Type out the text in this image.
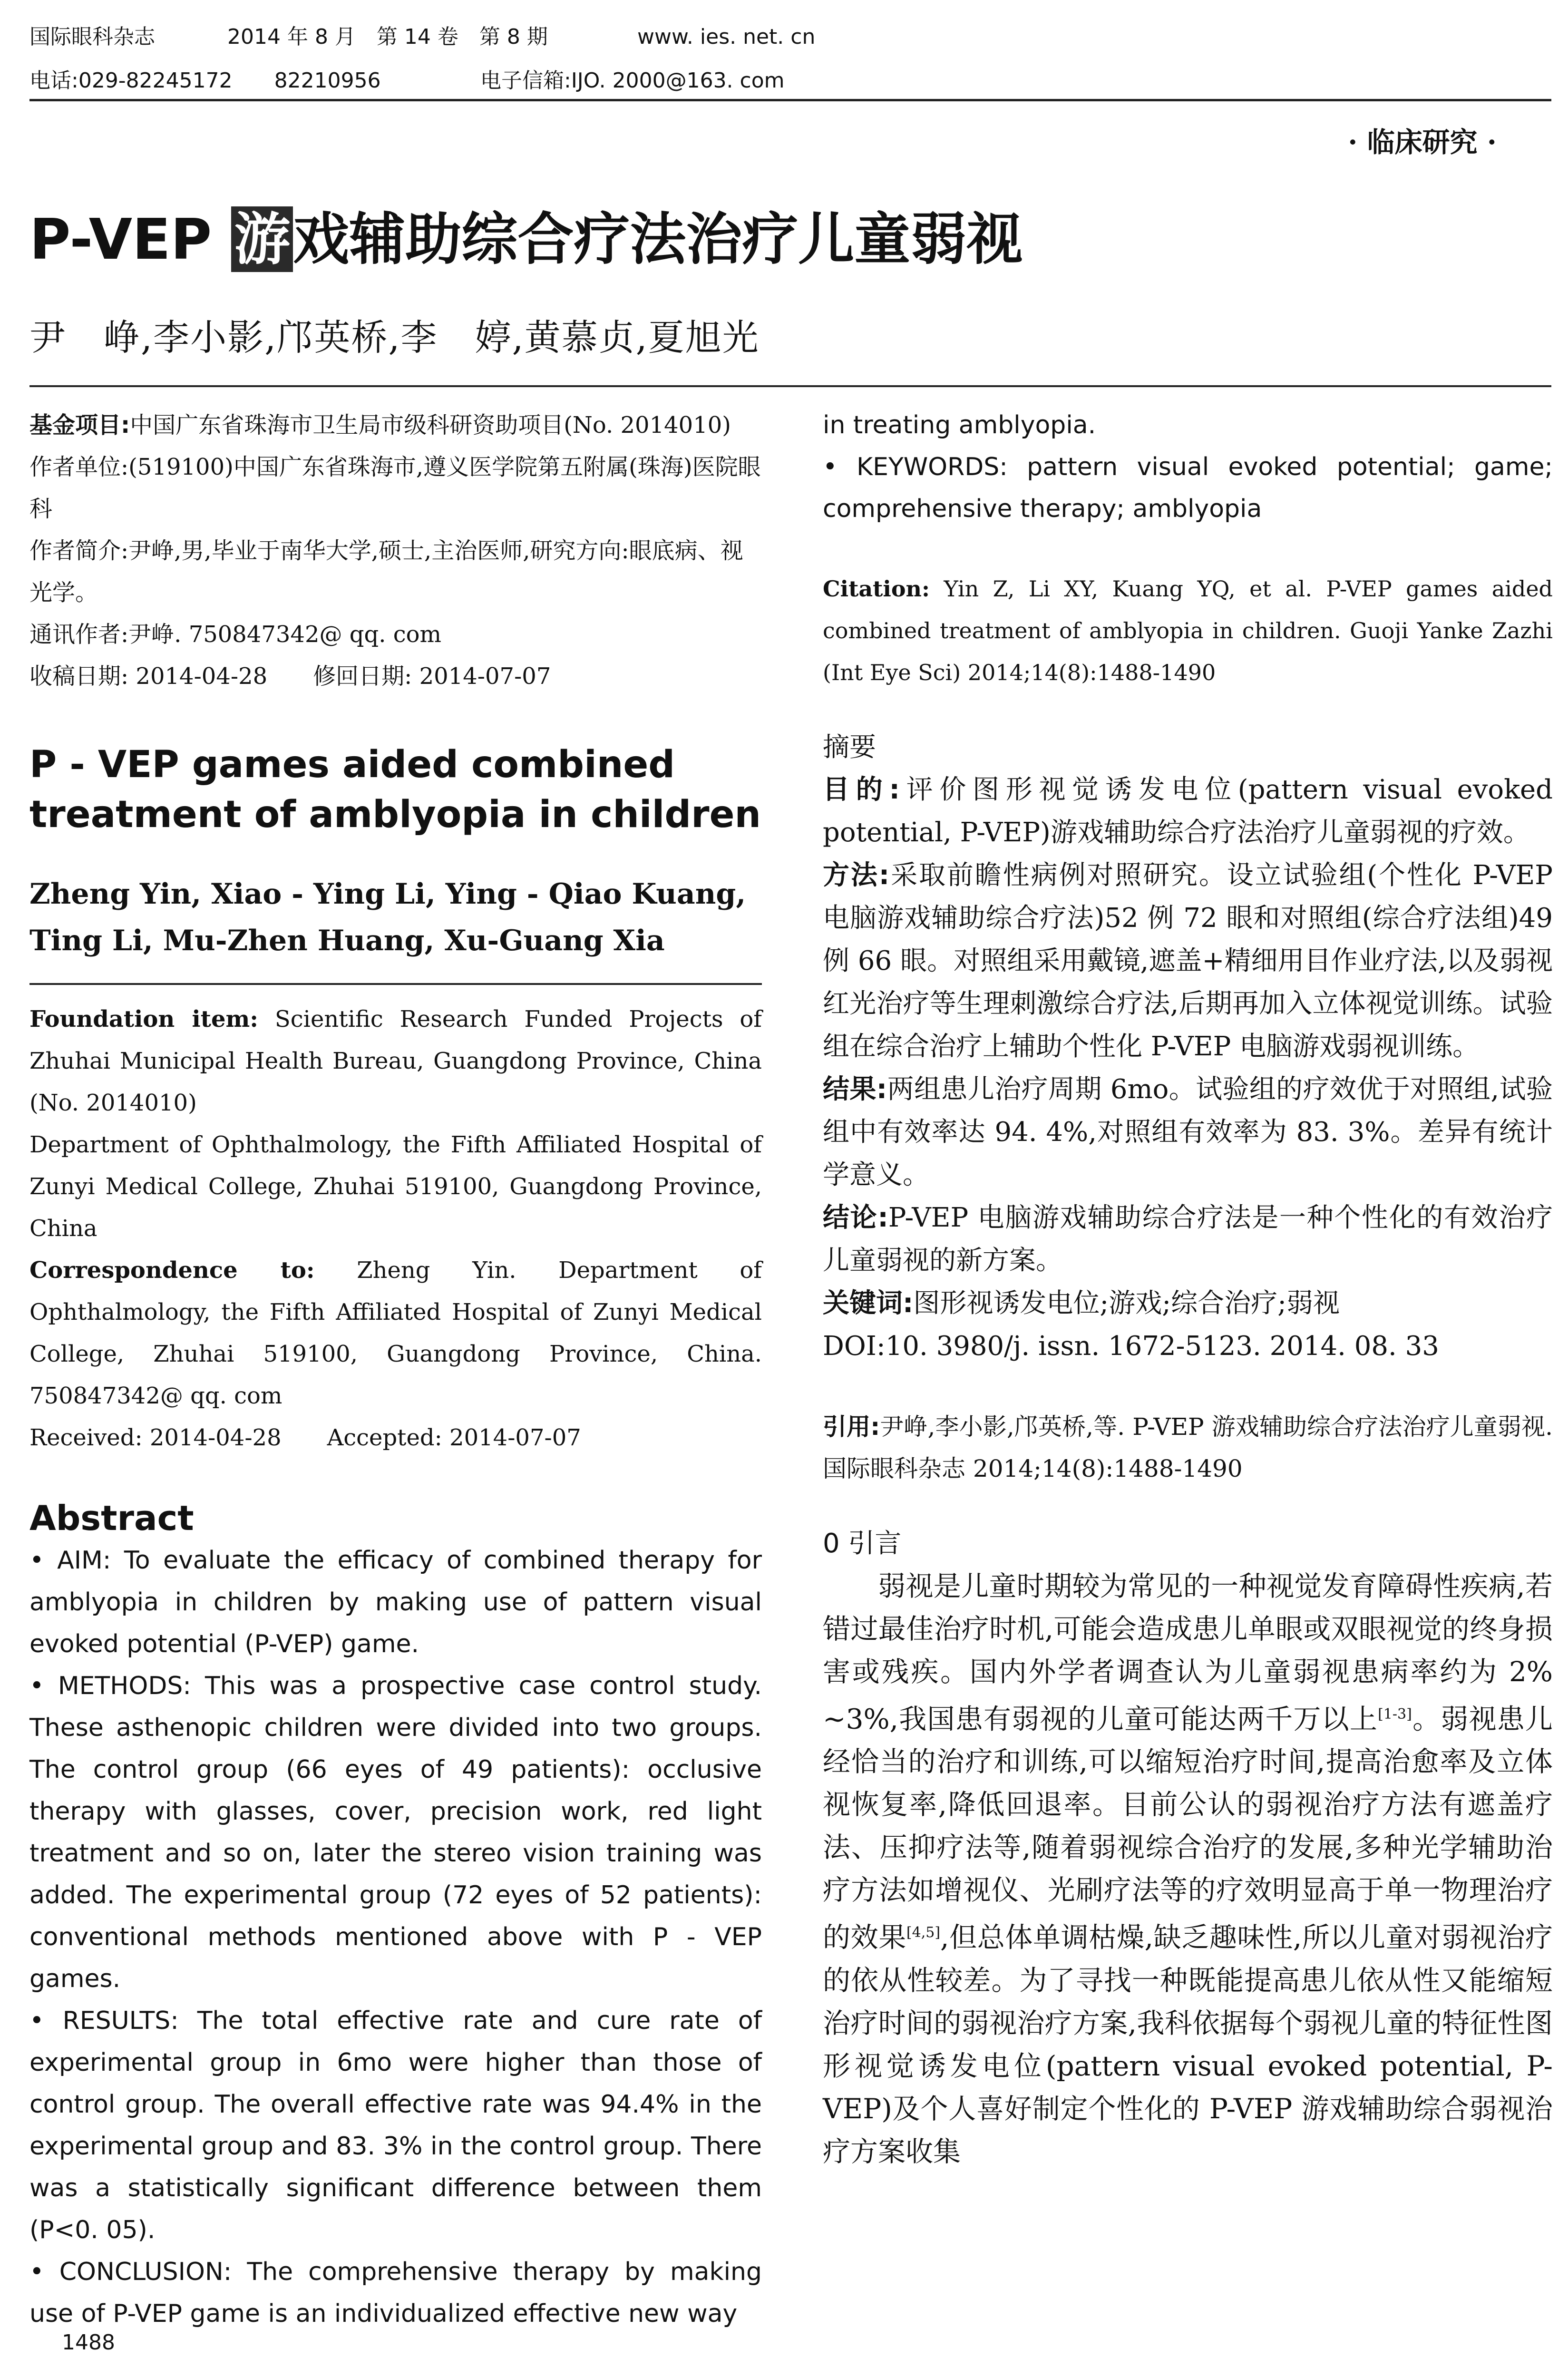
国际眼科杂志	2014 年 8 月　第 14 卷　第 8 期	www. ies. net. cn
电话:029-82245172　　82210956	电子信箱:IJO. 2000@163. com
· 临床研究 ·
P-VEP 游戏辅助综合疗法治疗儿童弱视
尹　峥,李小影,邝英桥,李　婷,黄慕贞,夏旭光

基金项目:中国广东省珠海市卫生局市级科研资助项目(No. 2014010)

作者单位:(519100)中国广东省珠海市,遵义医学院第五附属(珠海)医院眼科

作者简介:尹峥,男,毕业于南华大学,硕士,主治医师,研究方向:眼底病、视光学。

通讯作者:尹峥. 750847342@ qq. com

收稿日期: 2014-04-28　　修回日期: 2014-07-07

P - VEP games aided combined treatment of amblyopia in children
Zheng Yin, Xiao - Ying Li, Ying - Qiao Kuang, Ting Li, Mu-Zhen Huang, Xu-Guang Xia

Foundation item: Scientific Research Funded Projects of Zhuhai Municipal Health Bureau, Guangdong Province, China (No. 2014010)

Department of Ophthalmology, the Fifth Affiliated Hospital of Zunyi Medical College, Zhuhai 519100, Guangdong Province, China

Correspondence to: Zheng Yin. Department of Ophthalmology, the Fifth Affiliated Hospital of Zunyi Medical College, Zhuhai 519100, Guangdong Province, China. 750847342@ qq. com

Received: 2014-04-28　　Accepted: 2014-07-07

Abstract

• AIM: To evaluate the efficacy of combined therapy for amblyopia in children by making use of pattern visual evoked potential (P-VEP) game.

• METHODS: This was a prospective case control study. These asthenopic children were divided into two groups. The control group (66 eyes of 49 patients): occlusive therapy with glasses, cover, precision work, red light treatment and so on, later the stereo vision training was added. The experimental group (72 eyes of 52 patients): conventional methods mentioned above with P - VEP games.

• RESULTS: The total effective rate and cure rate of experimental group in 6mo were higher than those of control group. The overall effective rate was 94.4% in the experimental group and 83. 3% in the control group. There was a statistically significant difference between them (P<0. 05).

• CONCLUSION: The comprehensive therapy by making use of P-VEP game is an individualized effective new way

1488

in treating amblyopia.

• KEYWORDS: pattern visual evoked potential; game; comprehensive therapy; amblyopia

Citation: Yin Z, Li XY, Kuang YQ, et al. P-VEP games aided combined treatment of amblyopia in children. Guoji Yanke Zazhi (Int Eye Sci) 2014;14(8):1488-1490
摘要

目的:评价图形视觉诱发电位(pattern visual evoked potential, P-VEP)游戏辅助综合疗法治疗儿童弱视的疗效。

方法:采取前瞻性病例对照研究。设立试验组(个性化 P-VEP 电脑游戏辅助综合疗法)52 例 72 眼和对照组(综合疗法组)49 例 66 眼。对照组采用戴镜,遮盖+精细用目作业疗法,以及弱视红光治疗等生理刺激综合疗法,后期再加入立体视觉训练。试验组在综合治疗上辅助个性化 P-VEP 电脑游戏弱视训练。

结果:两组患儿治疗周期 6mo。试验组的疗效优于对照组,试验组中有效率达 94. 4%,对照组有效率为 83. 3%。差异有统计学意义。

结论:P-VEP 电脑游戏辅助综合疗法是一种个性化的有效治疗儿童弱视的新方案。

关键词:图形视诱发电位;游戏;综合治疗;弱视

DOI:10. 3980/j. issn. 1672-5123. 2014. 08. 33

引用:尹峥,李小影,邝英桥,等. P-VEP 游戏辅助综合疗法治疗儿童弱视. 国际眼科杂志 2014;14(8):1488-1490
0 引言
弱视是儿童时期较为常见的一种视觉发育障碍性疾病,若错过最佳治疗时机,可能会造成患儿单眼或双眼视觉的终身损害或残疾。国内外学者调查认为儿童弱视患病率约为 2% ~3%,我国患有弱视的儿童可能达两千万以上[1-3]。弱视患儿经恰当的治疗和训练,可以缩短治疗时间,提高治愈率及立体视恢复率,降低回退率。目前公认的弱视治疗方法有遮盖疗法、压抑疗法等,随着弱视综合治疗的发展,多种光学辅助治疗方法如增视仪、光刷疗法等的疗效明显高于单一物理治疗的效果[4,5],但总体单调枯燥,缺乏趣味性,所以儿童对弱视治疗的依从性较差。为了寻找一种既能提高患儿依从性又能缩短治疗时间的弱视治疗方案,我科依据每个弱视儿童的特征性图形视觉诱发电位(pattern visual evoked potential, P-VEP)及个人喜好制定个性化的 P-VEP 游戏辅助综合弱视治疗方案收集
